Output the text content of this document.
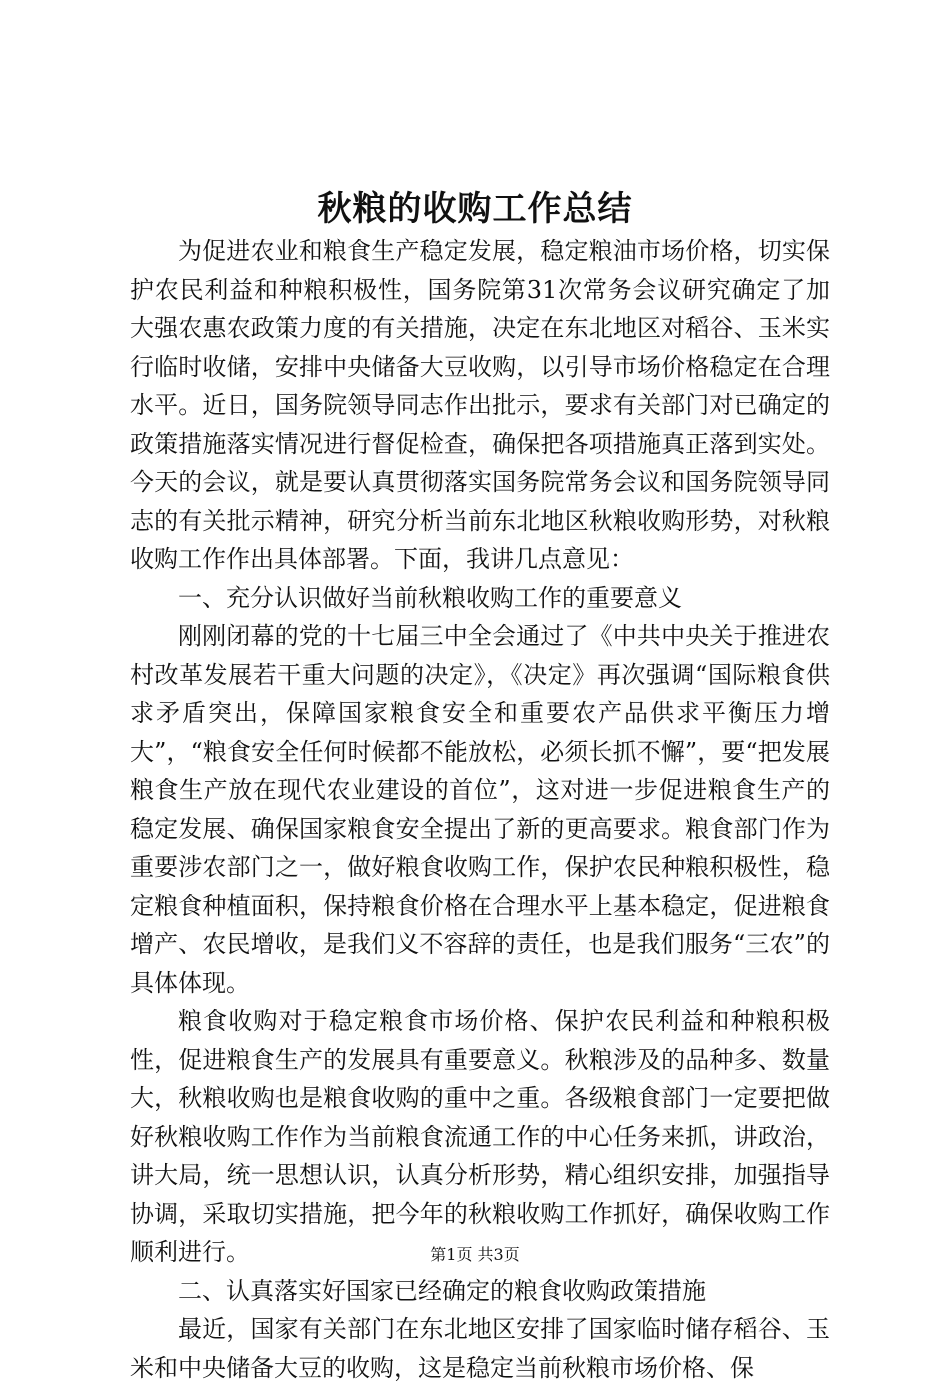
秋粮的收购工作总结

为促进农业和粮食生产稳定发展，稳定粮油市场价格，切实保护农民利益和种粮积极性，国务院第31次常务会议研究确定了加大强农惠农政策力度的有关措施，决定在东北地区对稻谷、玉米实行临时收储，安排中央储备大豆收购，以引导市场价格稳定在合理水平。近日，国务院领导同志作出批示，要求有关部门对已确定的政策措施落实情况进行督促检查，确保把各项措施真正落到实处。今天的会议，就是要认真贯彻落实国务院常务会议和国务院领导同志的有关批示精神，研究分析当前东北地区秋粮收购形势，对秋粮收购工作作出具体部署。下面，我讲几点意见：

一、充分认识做好当前秋粮收购工作的重要意义

刚刚闭幕的党的十七届三中全会通过了《中共中央关于推进农村改革发展若干重大问题的决定》，《决定》再次强调“国际粮食供求矛盾突出，保障国家粮食安全和重要农产品供求平衡压力增大”，“粮食安全任何时候都不能放松，必须长抓不懈”，要“把发展粮食生产放在现代农业建设的首位”，这对进一步促进粮食生产的稳定发展、确保国家粮食安全提出了新的更高要求。粮食部门作为重要涉农部门之一，做好粮食收购工作，保护农民种粮积极性，稳定粮食种植面积，保持粮食价格在合理水平上基本稳定，促进粮食增产、农民增收，是我们义不容辞的责任，也是我们服务“三农”的具体体现。

粮食收购对于稳定粮食市场价格、保护农民利益和种粮积极性，促进粮食生产的发展具有重要意义。秋粮涉及的品种多、数量大，秋粮收购也是粮食收购的重中之重。各级粮食部门一定要把做好秋粮收购工作作为当前粮食流通工作的中心任务来抓，讲政治，讲大局，统一思想认识，认真分析形势，精心组织安排，加强指导协调，采取切实措施，把今年的秋粮收购工作抓好，确保收购工作顺利进行。

二、认真落实好国家已经确定的粮食收购政策措施

最近，国家有关部门在东北地区安排了国家临时储存稻谷、玉米和中央储备大豆的收购，这是稳定当前秋粮市场价格、保

第1页 共3页
